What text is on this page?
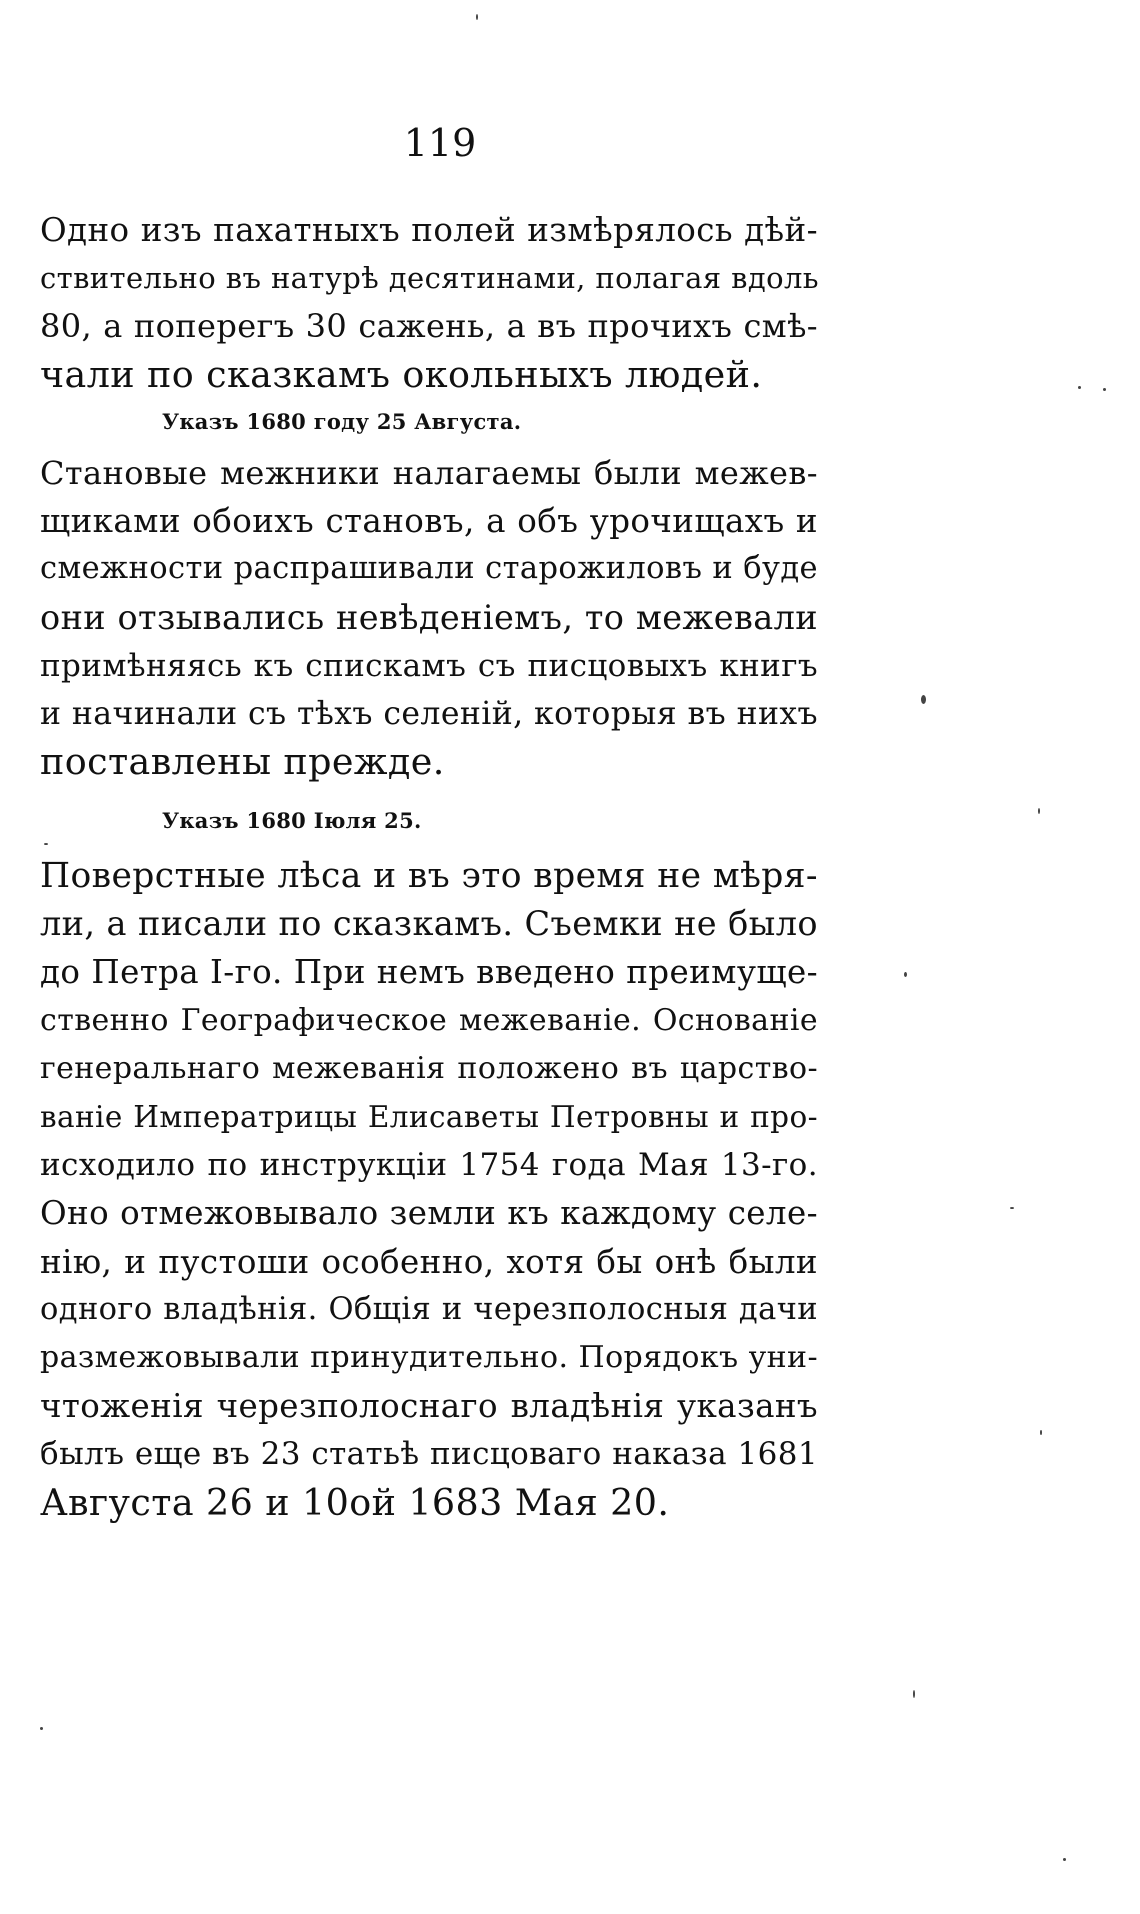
119

Одно изъ пахатныхъ полей измѣрялось дѣй-
ствительно въ натурѣ десятинами, полагая вдоль
80, а поперегъ 30 сажень, а въ прочихъ смѣ-
чали по сказкамъ окольныхъ людей.

Указъ 1680 году 25 Августа.

Становые межники налагаемы были межев-
щиками обоихъ становъ, а объ урочищахъ и
смежности распрашивали старожиловъ и буде
они отзывались невѣденіемъ, то межевали
примѣняясь къ спискамъ съ писцовыхъ книгъ
и начинали съ тѣхъ селеній, которыя въ нихъ
поставлены прежде.

Указъ 1680 Іюля 25.

Поверстные лѣса и въ это время не мѣря-
ли, а писали по сказкамъ. Съемки не было
до Петра I-го. При немъ введено преимуще-
ственно Географическое межеваніе. Основаніе
генеральнаго межеванія положено въ царство-
ваніе Императрицы Елисаветы Петровны и про-
исходило по инструкціи 1754 года Мая 13-го.
Оно отмежовывало земли къ каждому селе-
нію, и пустоши особенно, хотя бы онѣ были
одного владѣнія. Общія и черезполосныя дачи
размежовывали принудительно. Порядокъ уни-
чтоженія черезполоснаго владѣнія указанъ
былъ еще въ 23 статьѣ писцоваго наказа 1681
Августа 26 и 10ой 1683 Мая 20.
